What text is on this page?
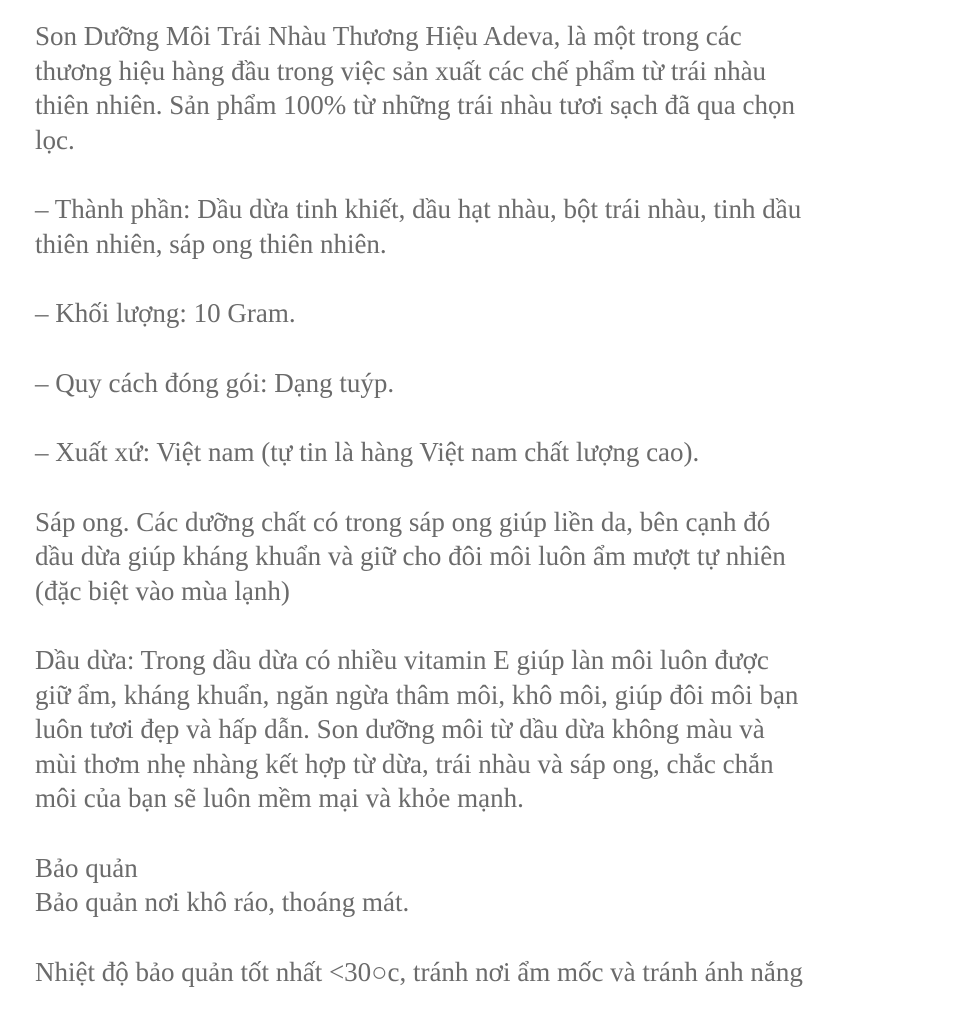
Son Dưỡng Môi Trái Nhàu Thương Hiệu Adeva, là một trong các
thương hiệu hàng đầu trong việc sản xuất các chế phẩm từ trái nhàu
thiên nhiên. Sản phẩm 100% từ những trái nhàu tươi sạch đã qua chọn
lọc.

– Thành phần: Dầu dừa tinh khiết, dầu hạt nhàu, bột trái nhàu, tinh dầu
thiên nhiên, sáp ong thiên nhiên.

– Khối lượng: 10 Gram.

– Quy cách đóng gói: Dạng tuýp.

– Xuất xứ: Việt nam (tự tin là hàng Việt nam chất lượng cao).

Sáp ong. Các dưỡng chất có trong sáp ong giúp liền da, bên cạnh đó
dầu dừa giúp kháng khuẩn và giữ cho đôi môi luôn ẩm mượt tự nhiên
(đặc biệt vào mùa lạnh)

Dầu dừa: Trong dầu dừa có nhiều vitamin E giúp làn môi luôn được
giữ ẩm, kháng khuẩn, ngăn ngừa thâm môi, khô môi, giúp đôi môi bạn
luôn tươi đẹp và hấp dẫn. Son dưỡng môi từ dầu dừa không màu và
mùi thơm nhẹ nhàng kết hợp từ dừa, trái nhàu và sáp ong, chắc chắn
môi của bạn sẽ luôn mềm mại và khỏe mạnh.

Bảo quản
Bảo quản nơi khô ráo, thoáng mát.

Nhiệt độ bảo quản tốt nhất <30○c, tránh nơi ẩm mốc và tránh ánh nắng
